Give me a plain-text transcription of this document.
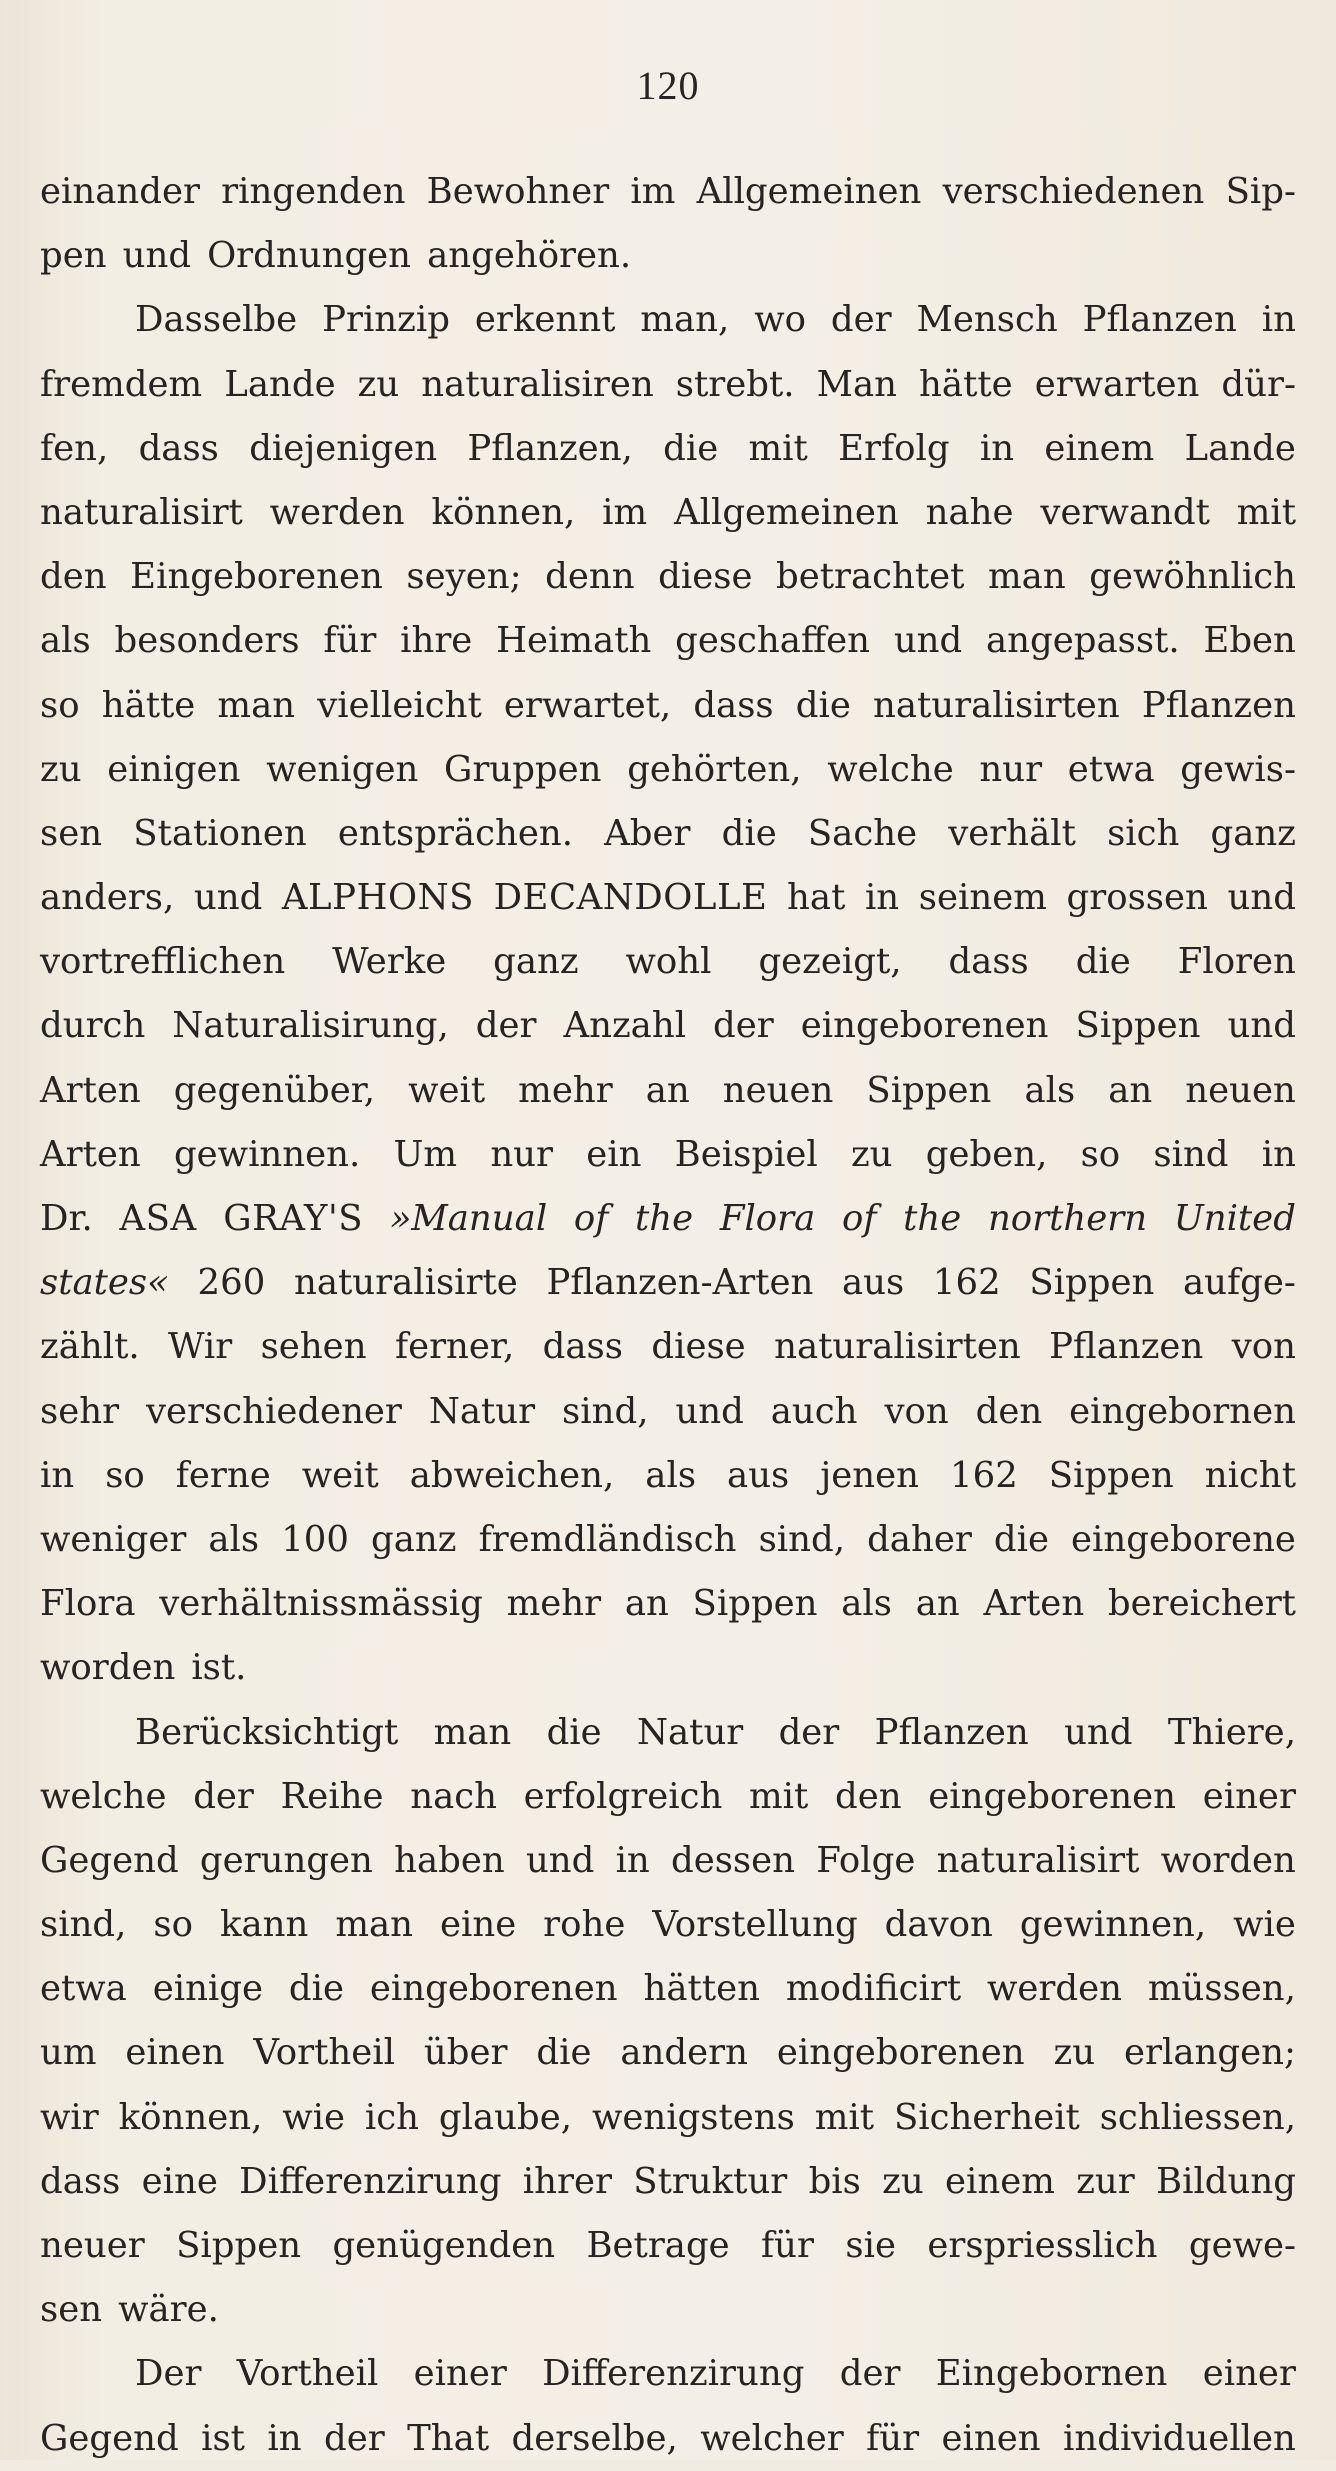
120
einander ringenden Bewohner im Allgemeinen verschiedenen Sip-
pen und Ordnungen angehören.
Dasselbe Prinzip erkennt man, wo der Mensch Pflanzen in
fremdem Lande zu naturalisiren strebt. Man hätte erwarten dür-
fen, dass diejenigen Pflanzen, die mit Erfolg in einem Lande
naturalisirt werden können, im Allgemeinen nahe verwandt mit
den Eingeborenen seyen; denn diese betrachtet man gewöhnlich
als besonders für ihre Heimath geschaffen und angepasst. Eben
so hätte man vielleicht erwartet, dass die naturalisirten Pflanzen
zu einigen wenigen Gruppen gehörten, welche nur etwa gewis-
sen Stationen entsprächen. Aber die Sache verhält sich ganz
anders, und ALPHONS DECANDOLLE hat in seinem grossen und
vortrefflichen Werke ganz wohl gezeigt, dass die Floren
durch Naturalisirung, der Anzahl der eingeborenen Sippen und
Arten gegenüber, weit mehr an neuen Sippen als an neuen
Arten gewinnen. Um nur ein Beispiel zu geben, so sind in
Dr. ASA GRAY'S »Manual of the Flora of the northern United
states« 260 naturalisirte Pflanzen-Arten aus 162 Sippen aufge-
zählt. Wir sehen ferner, dass diese naturalisirten Pflanzen von
sehr verschiedener Natur sind, und auch von den eingebornen
in so ferne weit abweichen, als aus jenen 162 Sippen nicht
weniger als 100 ganz fremdländisch sind, daher die eingeborene
Flora verhältnissmässig mehr an Sippen als an Arten bereichert
worden ist.
Berücksichtigt man die Natur der Pflanzen und Thiere,
welche der Reihe nach erfolgreich mit den eingeborenen einer
Gegend gerungen haben und in dessen Folge naturalisirt worden
sind, so kann man eine rohe Vorstellung davon gewinnen, wie
etwa einige die eingeborenen hätten modificirt werden müssen,
um einen Vortheil über die andern eingeborenen zu erlangen;
wir können, wie ich glaube, wenigstens mit Sicherheit schliessen,
dass eine Differenzirung ihrer Struktur bis zu einem zur Bildung
neuer Sippen genügenden Betrage für sie erspriesslich gewe-
sen wäre.
Der Vortheil einer Differenzirung der Eingebornen einer
Gegend ist in der That derselbe, welcher für einen individuellen
